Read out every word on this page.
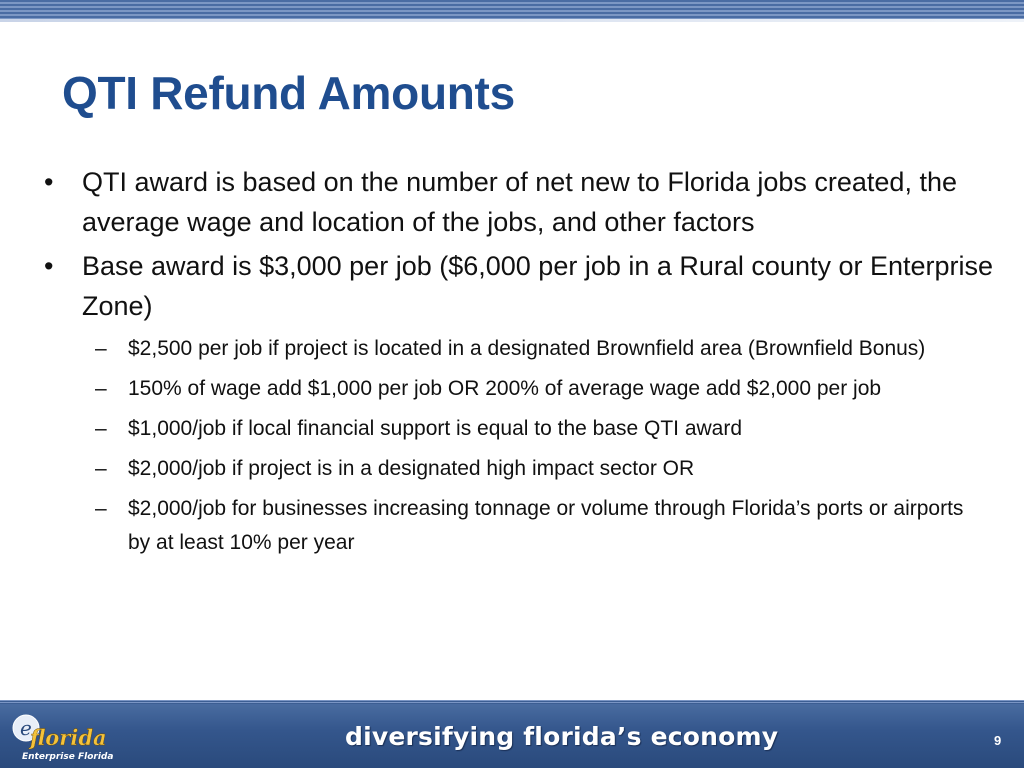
QTI Refund Amounts
•	QTI award is based on the number of net new to Florida jobs created, the average wage and location of the jobs, and other factors
•	Base award is $3,000 per job ($6,000 per job in a Rural county or Enterprise Zone)
–	$2,500 per job if project is located in a designated Brownfield area (Brownfield Bonus)
–	150% of wage add $1,000 per job OR 200% of average wage add $2,000 per job
–	$1,000/job if local financial support is equal to the base QTI award
–	$2,000/job if project is in a designated high impact sector OR
–	$2,000/job for businesses increasing tonnage or volume through Florida’s ports or airports by at least 10% per year
e
florida
Enterprise Florida
diversifying florida’s economy	9
